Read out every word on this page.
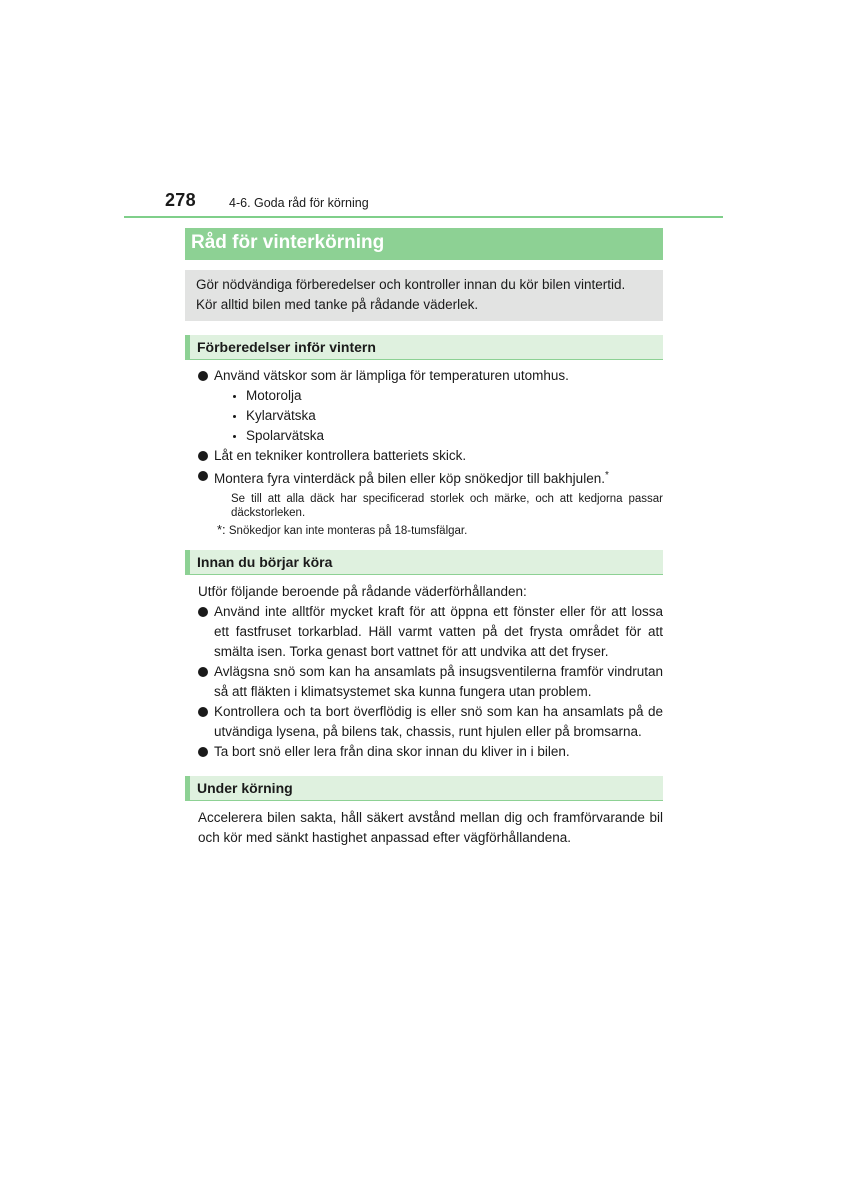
278	4-6. Goda råd för körning
Råd för vinterkörning
Gör nödvändiga förberedelser och kontroller innan du kör bilen vintertid.
Kör alltid bilen med tanke på rådande väderlek.
Förberedelser inför vintern
Använd vätskor som är lämpliga för temperaturen utomhus.
Motorolja
Kylarvätska
Spolarvätska
Låt en tekniker kontrollera batteriets skick.
Montera fyra vinterdäck på bilen eller köp snökedjor till bakhjulen.*
Se till att alla däck har specificerad storlek och märke, och att kedjorna passar däckstorleken.
*: Snökedjor kan inte monteras på 18-tumsfälgar.
Innan du börjar köra

Utför följande beroende på rådande väderförhållanden:

Använd inte alltför mycket kraft för att öppna ett fönster eller för att lossa ett fastfruset torkarblad. Häll varmt vatten på det frysta området för att smälta isen. Torka genast bort vattnet för att undvika att det fryser.
Avlägsna snö som kan ha ansamlats på insugsventilerna framför vindrutan så att fläkten i klimatsystemet ska kunna fungera utan problem.
Kontrollera och ta bort överflödig is eller snö som kan ha ansamlats på de utvändiga lysena, på bilens tak, chassis, runt hjulen eller på bromsarna.
Ta bort snö eller lera från dina skor innan du kliver in i bilen.
Under körning

Accelerera bilen sakta, håll säkert avstånd mellan dig och framförvarande bil och kör med sänkt hastighet anpassad efter vägförhållandena.
